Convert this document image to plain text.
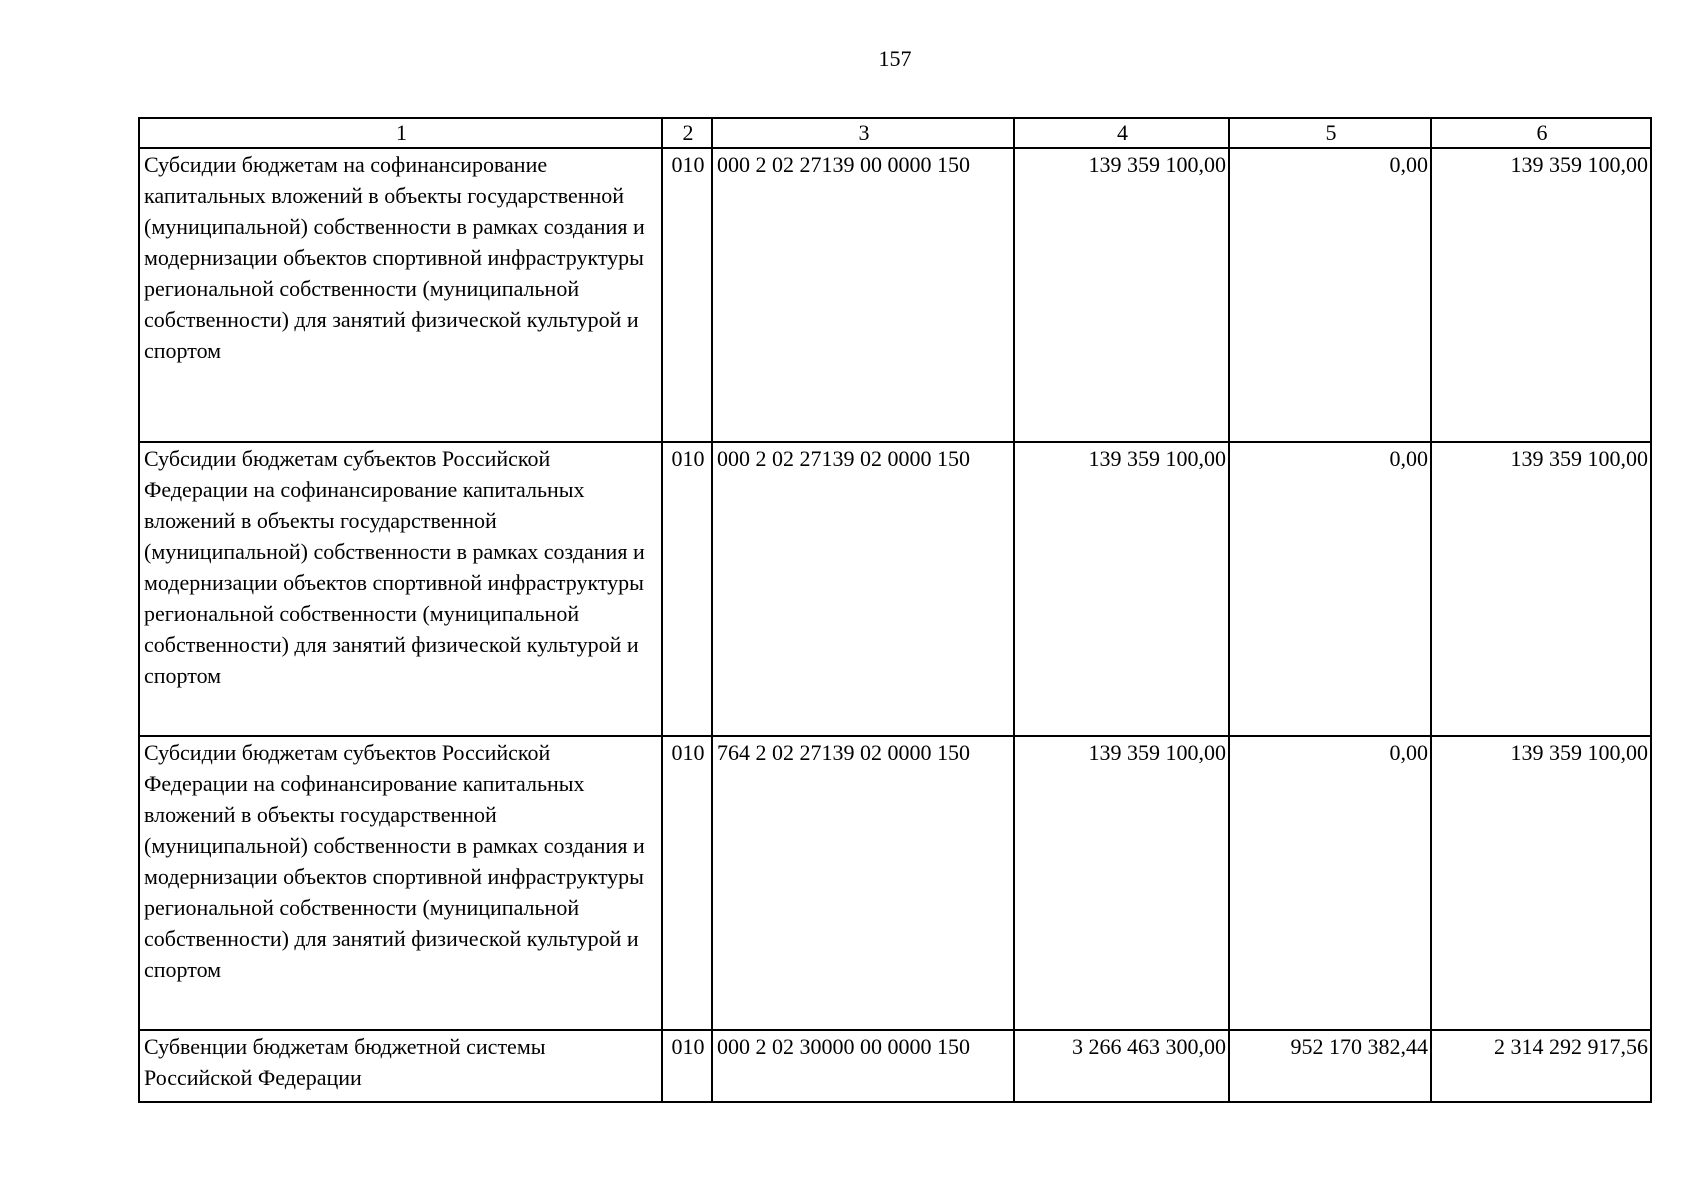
157
1	2	3	4	5	6
Субсидии бюджетам на софинансирование капитальных вложений в объекты государственной (муниципальной) собственности в рамках создания и модернизации объектов спортивной инфраструктуры региональной собственности (муниципальной собственности) для занятий физической культурой и спортом	010	000 2 02 27139 00 0000 150	139 359 100,00	0,00	139 359 100,00
Субсидии бюджетам субъектов Российской Федерации на софинансирование капитальных вложений в объекты государственной (муниципальной) собственности в рамках создания и модернизации объектов спортивной инфраструктуры региональной собственности (муниципальной собственности) для занятий физической культурой и спортом	010	000 2 02 27139 02 0000 150	139 359 100,00	0,00	139 359 100,00
Субсидии бюджетам субъектов Российской Федерации на софинансирование капитальных вложений в объекты государственной (муниципальной) собственности в рамках создания и модернизации объектов спортивной инфраструктуры региональной собственности (муниципальной собственности) для занятий физической культурой и спортом	010	764 2 02 27139 02 0000 150	139 359 100,00	0,00	139 359 100,00
Субвенции бюджетам бюджетной системы Российской Федерации	010	000 2 02 30000 00 0000 150	3 266 463 300,00	952 170 382,44	2 314 292 917,56
